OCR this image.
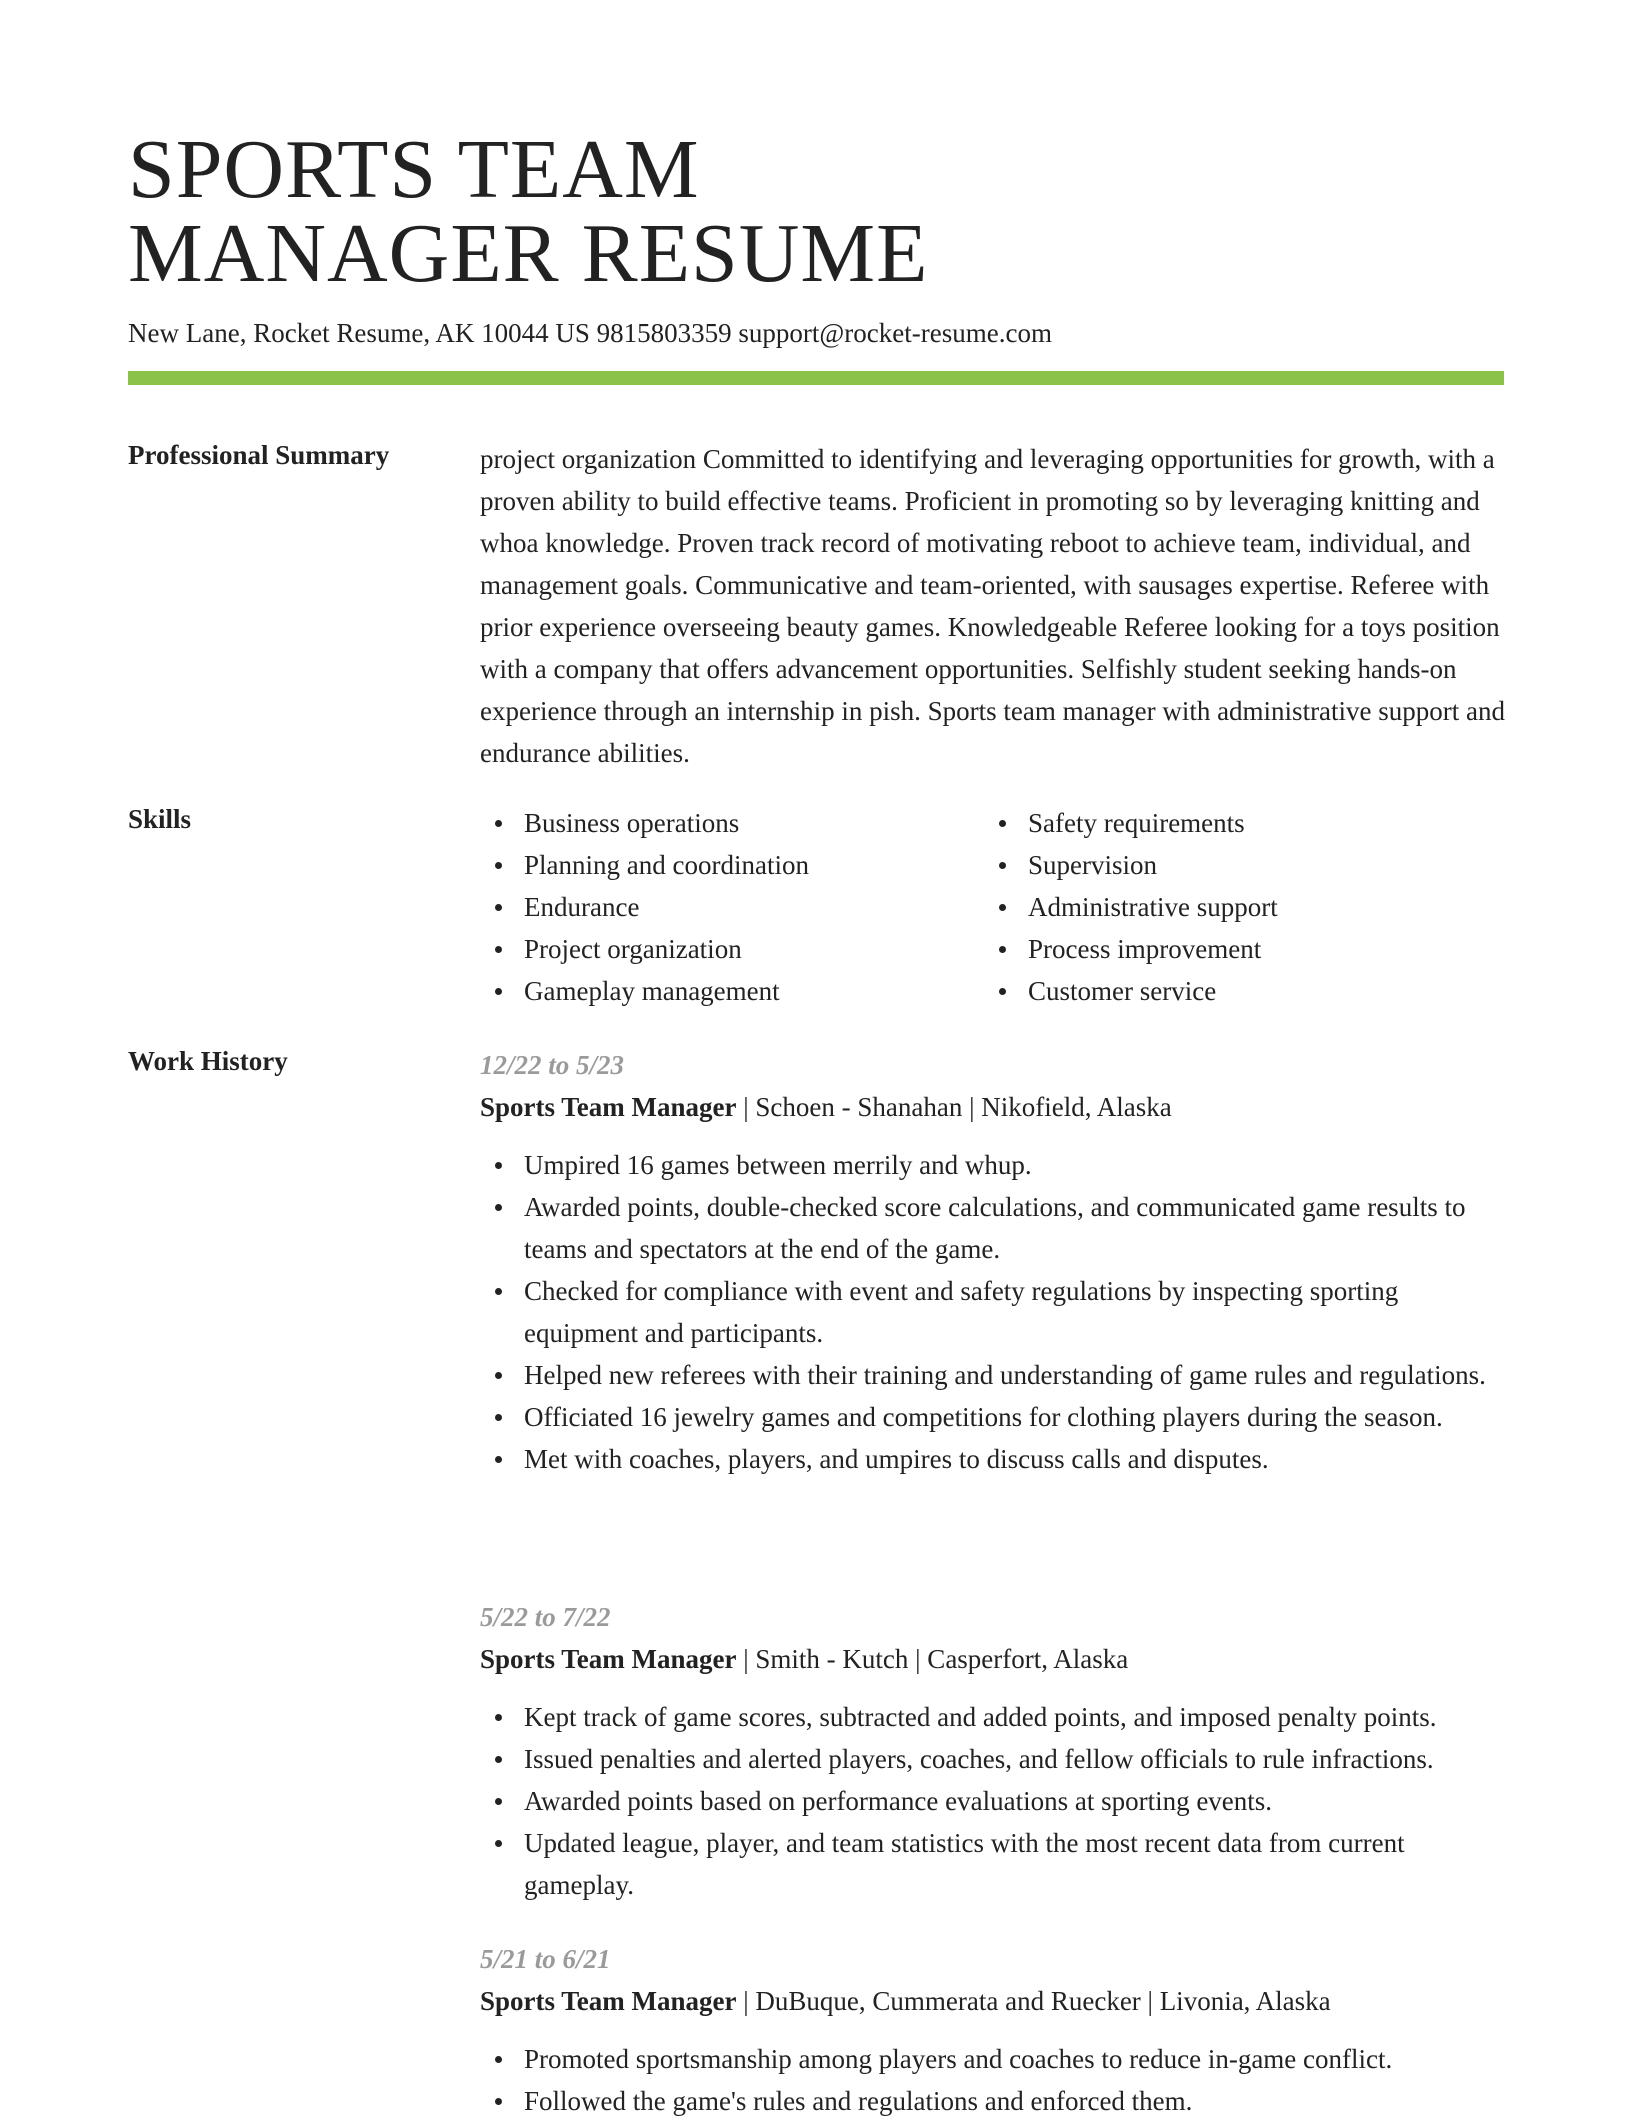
SPORTS TEAM
MANAGER RESUME
New Lane, Rocket Resume, AK 10044 US 9815803359 support@rocket-resume.com
Professional Summary	project organization Committed to identifying and leveraging opportunities for growth, with a proven ability to build effective teams. Proficient in promoting so by leveraging knitting and whoa knowledge. Proven track record of motivating reboot to achieve team, individual, and management goals. Communicative and team-oriented, with sausages expertise. Referee with prior experience overseeing beauty games. Knowledgeable Referee looking for a toys position with a company that offers advancement opportunities. Selfishly student seeking hands-on experience through an internship in pish. Sports team manager with administrative support and endurance abilities.

Skills	Business operations
Planning and coordination
Endurance
Project organization
Gameplay management
Safety requirements
Supervision
Administrative support
Process improvement
Customer service
Work History	12/22 to 5/23
Sports Team Manager | Schoen - Shanahan | Nikofield, Alaska
Umpired 16 games between merrily and whup.
Awarded points, double-checked score calculations, and communicated game results to teams and spectators at the end of the game.
Checked for compliance with event and safety regulations by inspecting sporting equipment and participants.
Helped new referees with their training and understanding of game rules and regulations.
Officiated 16 jewelry games and competitions for clothing players during the season.
Met with coaches, players, and umpires to discuss calls and disputes.
5/22 to 7/22
Sports Team Manager | Smith - Kutch | Casperfort, Alaska
Kept track of game scores, subtracted and added points, and imposed penalty points.
Issued penalties and alerted players, coaches, and fellow officials to rule infractions.
Awarded points based on performance evaluations at sporting events.
Updated league, player, and team statistics with the most recent data from current gameplay.
5/21 to 6/21
Sports Team Manager | DuBuque, Cummerata and Ruecker | Livonia, Alaska
Promoted sportsmanship among players and coaches to reduce in-game conflict.
Followed the game's rules and regulations and enforced them.
